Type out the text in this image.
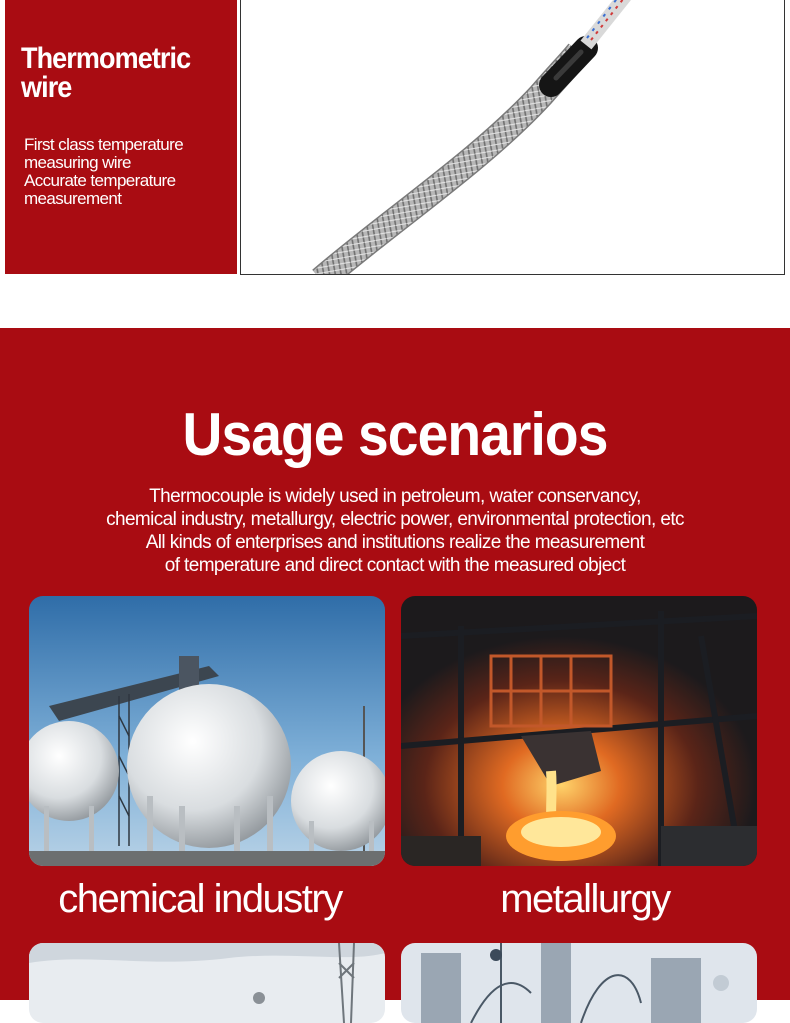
Thermometric
wire

First class temperature
measuring wire

Accurate temperature
measurement

Usage scenarios
Thermocouple is widely used in petroleum, water conservancy,
chemical industry, metallurgy, electric power, environmental protection, etc
All kinds of enterprises and institutions realize the measurement
of temperature and direct contact with the measured object
chemical industry	metallurgy
